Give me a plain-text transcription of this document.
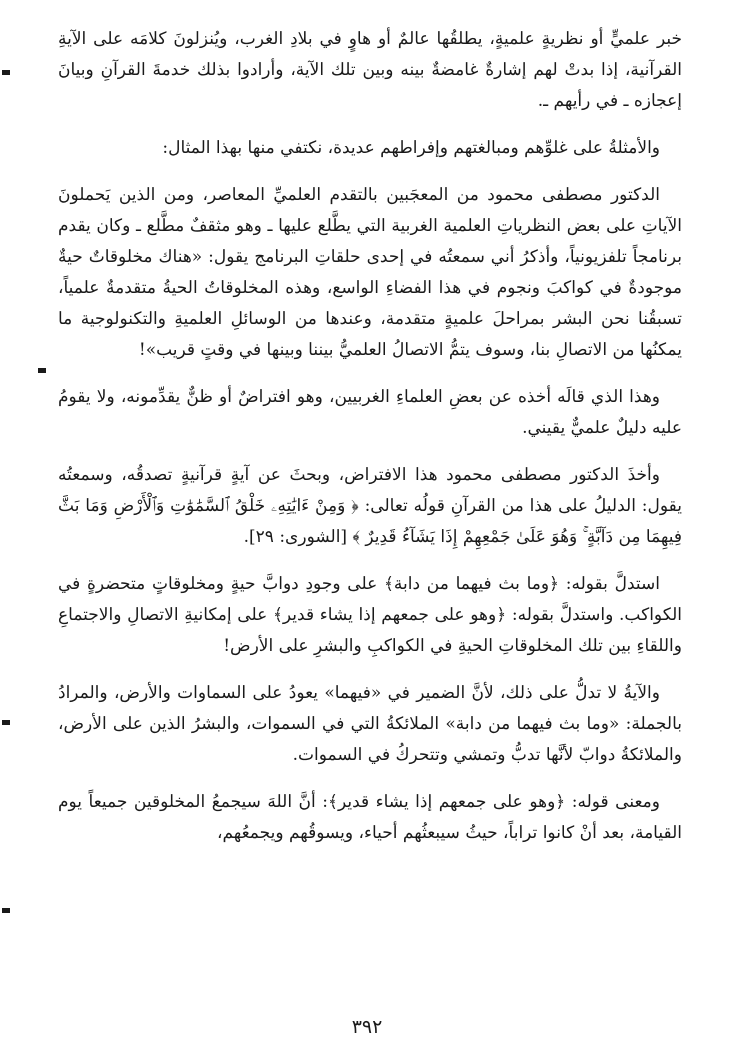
خبر علميٍّ أو نظريةٍ علميةٍ، يطلقُها عالمٌ أو هاوٍ في بلادِ الغرب، ويُنزلونَ كلامَه على الآيةِ القرآنية، إذا بدتْ لهم إشارةٌ غامضةٌ بينه وبين تلك الآية، وأرادوا بذلك خدمةَ القرآنِ وبيانَ إعجازه ـ في رأيهم ـ.

والأمثلةُ على غلوِّهم ومبالغتهم وإفراطهم عديدة، نكتفي منها بهذا المثال:

الدكتور مصطفى محمود من المعجَبين بالتقدم العلميِّ المعاصر، ومن الذين يَحملونَ الآياتِ على بعض النظرياتِ العلمية الغربية التي يطَّلع عليها ـ وهو مثقفٌ مطَّلع ـ وكان يقدم برنامجاً تلفزيونياً، وأذكرُ أني سمعتُه في إحدى حلقاتِ البرنامج يقول: «هناك مخلوقاتٌ حيةٌ موجودةٌ في كواكبَ ونجوم في هذا الفضاءِ الواسع، وهذه المخلوقاتُ الحيةُ متقدمةٌ علمياً، تسبقُنا نحن البشر بمراحلَ علميةٍ متقدمة، وعندها من الوسائلِ العلميةِ والتكنولوجية ما يمكنُها من الاتصالِ بنا، وسوف يتمُّ الاتصالُ العلميُّ بيننا وبينها في وقتٍ قريب»!

وهذا الذي قالَه أخذه عن بعضِ العلماءِ الغربيين، وهو افتراضٌ أو ظنٌّ يقدِّمونه، ولا يقومُ عليه دليلٌ علميٌّ يقيني.

وأخذَ الدكتور مصطفى محمود هذا الافتراض، وبحثَ عن آيةٍ قرآنيةٍ تصدقُه، وسمعتُه يقول: الدليلُ على هذا من القرآنِ قولُه تعالى: ﴿ وَمِنْ ءَايَٰتِهِۦ خَلْقُ ٱلسَّمَٰوَٰتِ وَٱلْأَرْضِ وَمَا بَثَّ فِيهِمَا مِن دَآبَّةٍ ۚ وَهُوَ عَلَىٰ جَمْعِهِمْ إِذَا يَشَآءُ قَدِيرٌ ﴾ [الشورى: ٢٩].

استدلَّ بقوله: ﴿وما بث فيهما من دابة﴾ على وجودِ دوابَّ حيةٍ ومخلوقاتٍ متحضرةٍ في الكواكب. واستدلَّ بقوله: ﴿وهو على جمعهم إذا يشاء قدير﴾ على إمكانيةِ الاتصالِ والاجتماعِ واللقاءِ بين تلك المخلوقاتِ الحيةِ في الكواكبِ والبشرِ على الأرض!

والآيةُ لا تدلُّ على ذلك، لأنَّ الضمير في «فيهما» يعودُ على السماوات والأرض، والمرادُ بالجملة: «وما بث فيهما من دابة» الملائكةُ التي في السموات، والبشرُ الذين على الأرض، والملائكةُ دوابّ لأنَّها تدبُّ وتمشي وتتحركُ في السموات.

ومعنى قوله: ﴿وهو على جمعهم إذا يشاء قدير﴾: أنَّ اللهَ سيجمعُ المخلوقين جميعاً يوم القيامة، بعد أنْ كانوا تراباً، حيثُ سيبعثُهم أحياء، ويسوقُهم ويجمعُهم،

٣٩٢
